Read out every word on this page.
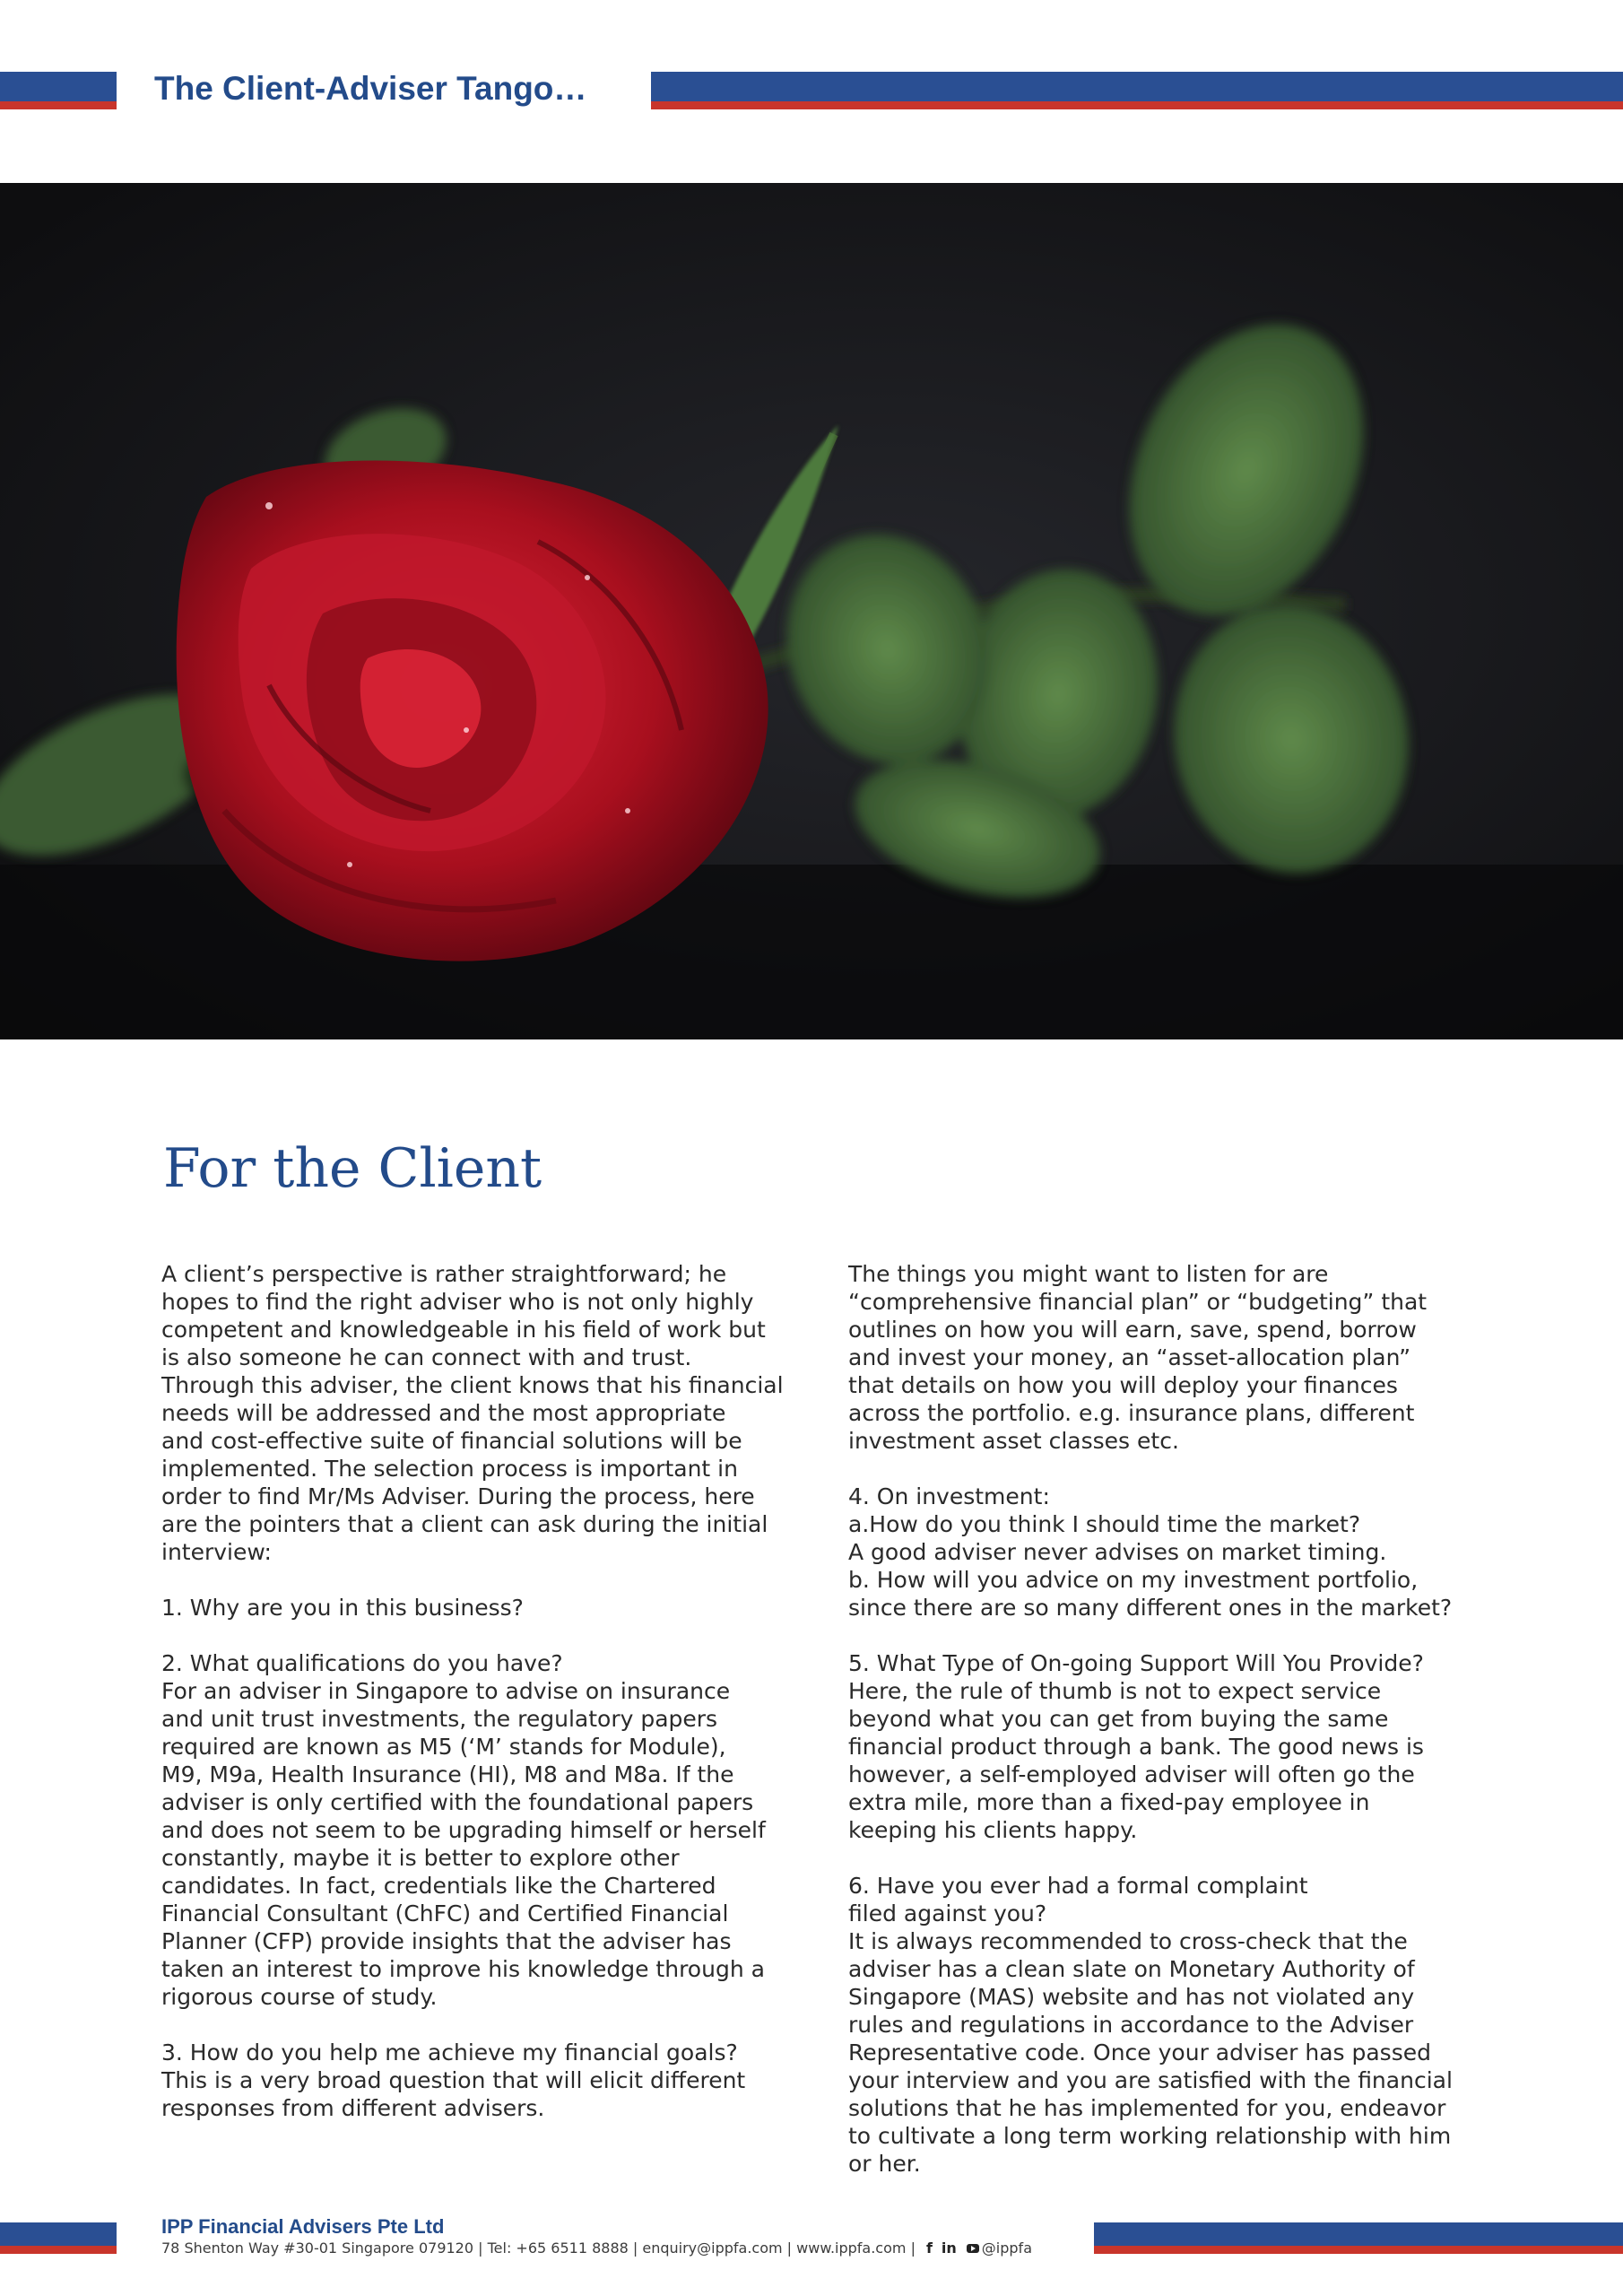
The Client-Adviser Tango…
For the Client

A client’s perspective is rather straightforward; he
hopes to find the right adviser who is not only highly
competent and knowledgeable in his field of work but
is also someone he can connect with and trust.
Through this adviser, the client knows that his financial
needs will be addressed and the most appropriate
and cost-effective suite of financial solutions will be
implemented. The selection process is important in
order to find Mr/Ms Adviser. During the process, here
are the pointers that a client can ask during the initial
interview:

1. Why are you in this business?

2. What qualifications do you have?
For an adviser in Singapore to advise on insurance
and unit trust investments, the regulatory papers
required are known as M5 (‘M’ stands for Module),
M9, M9a, Health Insurance (HI), M8 and M8a. If the
adviser is only certified with the foundational papers
and does not seem to be upgrading himself or herself
constantly, maybe it is better to explore other
candidates. In fact, credentials like the Chartered
Financial Consultant (ChFC) and Certified Financial
Planner (CFP) provide insights that the adviser has
taken an interest to improve his knowledge through a
rigorous course of study.

3. How do you help me achieve my financial goals?
This is a very broad question that will elicit different
responses from different advisers.

The things you might want to listen for are
“comprehensive financial plan” or “budgeting” that
outlines on how you will earn, save, spend, borrow
and invest your money, an “asset-allocation plan”
that details on how you will deploy your finances
across the portfolio. e.g. insurance plans, different
investment asset classes etc.

4. On investment:
a.How do you think I should time the market?
A good adviser never advises on market timing.
b. How will you advice on my investment portfolio,
since there are so many different ones in the market?

5. What Type of On-going Support Will You Provide?
Here, the rule of thumb is not to expect service
beyond what you can get from buying the same
financial product through a bank. The good news is
however, a self-employed adviser will often go the
extra mile, more than a fixed-pay employee in
keeping his clients happy.

6. Have you ever had a formal complaint
filed against you?
It is always recommended to cross-check that the
adviser has a clean slate on Monetary Authority of
Singapore (MAS) website and has not violated any
rules and regulations in accordance to the Adviser
Representative code. Once your adviser has passed
your interview and you are satisfied with the financial
solutions that he has implemented for you, endeavor
to cultivate a long term working relationship with him
or her.

IPP Financial Advisers Pte Ltd
78 Shenton Way #30-01 Singapore 079120 | Tel: +65 6511 8888 | enquiry@ippfa.com | www.ippfa.com | f in @ippfa
